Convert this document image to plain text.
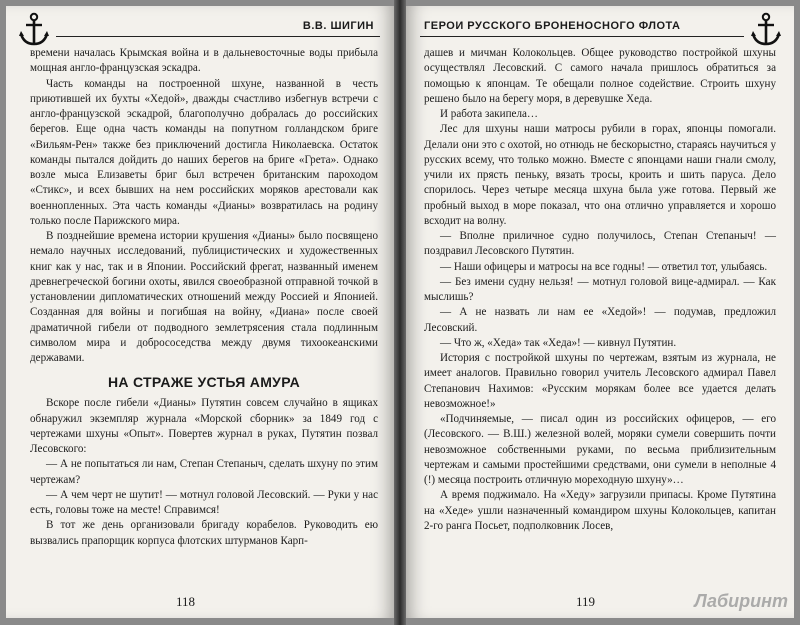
В.В. ШИГИН

времени началась Крымская война и в дальневосточные воды прибыла мощная англо-французская эскадра.

Часть команды на построенной шхуне, названной в честь приютившей их бухты «Хедой», дважды счастливо избегнув встречи с англо-французской эскадрой, благополучно добралась до российских берегов. Еще одна часть команды на попутном голландском бриге «Вильям-Рен» также без приключений достигла Николаевска. Остаток команды пытался дойдить до наших берегов на бриге «Грета». Однако возле мыса Елизаветы бриг был встречен британским пароходом «Стикс», и всех бывших на нем российских моряков арестовали как военнопленных. Эта часть команды «Дианы» возвратилась на родину только после Парижского мира.

В позднейшие времена истории крушения «Дианы» было посвящено немало научных исследований, публицистических и художественных книг как у нас, так и в Японии. Российский фрегат, названный именем древнегреческой богини охоты, явился своеобразной отправной точкой в установлении дипломатических отношений между Россией и Японией. Созданная для войны и погибшая на войну, «Диана» после своей драматичной гибели от подводного землетрясения стала подлинным символом мира и добрососедства между двумя тихоокеанскими державами.

НА СТРАЖЕ УСТЬЯ АМУРА

Вскоре после гибели «Дианы» Путятин совсем случайно в ящиках обнаружил экземпляр журнала «Морской сборник» за 1849 год с чертежами шхуны «Опыт». Повертев журнал в руках, Путятин позвал Лесовского:

— А не попытаться ли нам, Степан Степаныч, сделать шхуну по этим чертежам?

— А чем черт не шутит! — мотнул головой Лесовский. — Руки у нас есть, головы тоже на месте! Справимся!

В тот же день организовали бригаду корабелов. Руководить ею вызвались прапорщик корпуса флотских штурманов Карп-

118
ГЕРОИ РУССКОГО БРОНЕНОСНОГО ФЛОТА

дашев и мичман Колокольцев. Общее руководство постройкой шхуны осуществлял Лесовский. С самого начала пришлось обратиться за помощью к японцам. Те обещали полное содействие. Строить шхуну решено было на берегу моря, в деревушке Хеда.

И работа закипела…

Лес для шхуны наши матросы рубили в горах, японцы помогали. Делали они это с охотой, но отнюдь не бескорыстно, стараясь научиться у русских всему, что только можно. Вместе с японцами наши гнали смолу, учили их прясть пеньку, вязать тросы, кроить и шить паруса. Дело спорилось. Через четыре месяца шхуна была уже готова. Первый же пробный выход в море показал, что она отлично управляется и хорошо всходит на волну.

— Вполне приличное судно получилось, Степан Степаныч! — поздравил Лесовского Путятин.

— Наши офицеры и матросы на все годны! — ответил тот, улыбаясь.

— Без имени судну нельзя! — мотнул головой вице-адмирал. — Как мыслишь?

— А не назвать ли нам ее «Хедой»! — подумав, предложил Лесовский.

— Что ж, «Хеда» так «Хеда»! — кивнул Путятин.

История с постройкой шхуны по чертежам, взятым из журнала, не имеет аналогов. Правильно говорил учитель Лесовского адмирал Павел Степанович Нахимов: «Русским морякам более все удается делать невозможное!»

«Подчиняемые, — писал один из российских офицеров, — его (Лесовского. — В.Ш.) железной волей, моряки сумели совершить почти невозможное собственными руками, по весьма приблизительным чертежам и самыми простейшими средствами, они сумели в неполные 4 (!) месяца построить отличную мореходную шхуну»…

А время поджимало. На «Хеду» загрузили припасы. Кроме Путятина на «Хеде» ушли назначенный командиром шхуны Колокольцев, капитан 2-го ранга Посьет, подполковник Лосев,

119	Лабиринт
